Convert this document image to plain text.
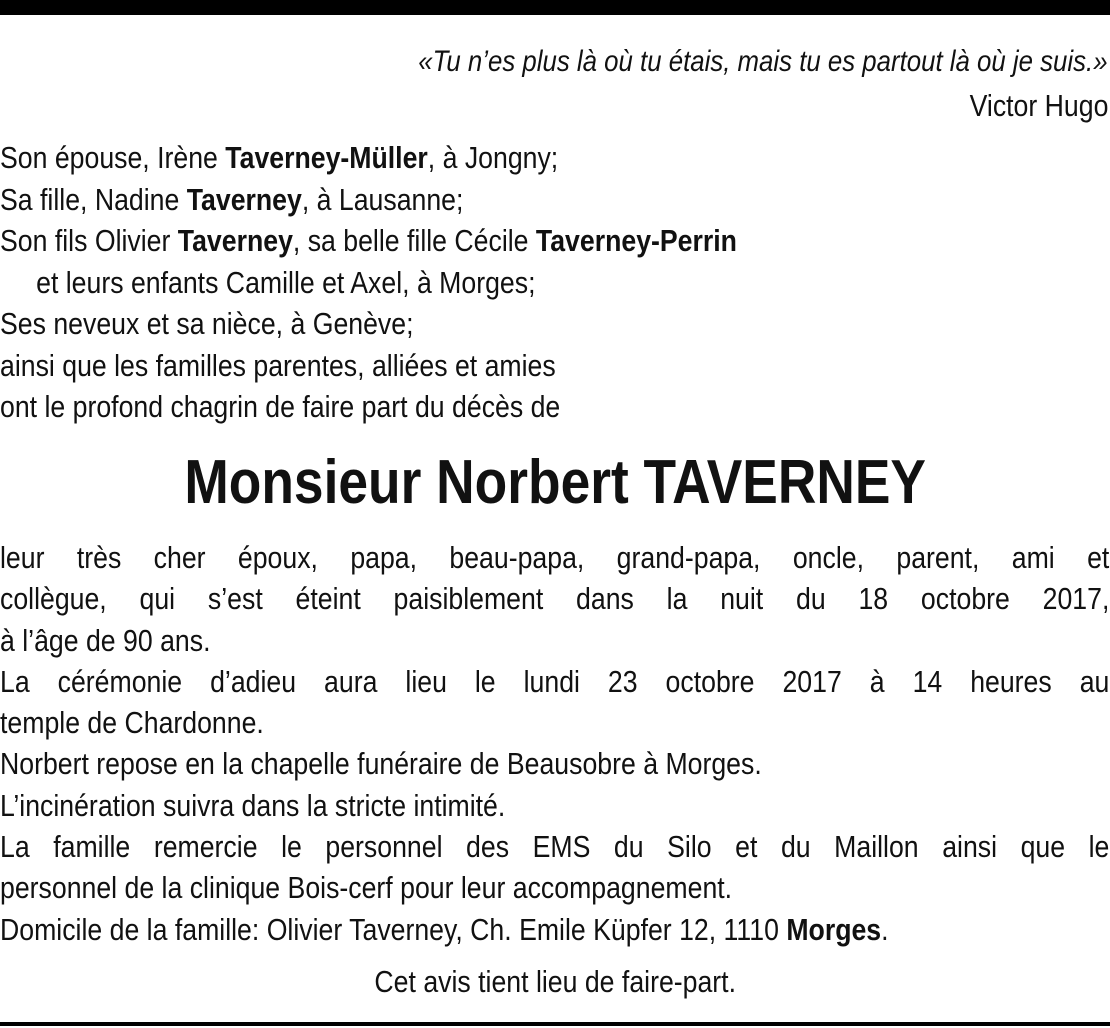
«Tu n’es plus là où tu étais, mais tu es partout là où je suis.»
Victor Hugo
Son épouse, Irène Taverney-Müller, à Jongny;
Sa fille, Nadine Taverney, à Lausanne;
Son fils Olivier Taverney, sa belle fille Cécile Taverney-Perrin
et leurs enfants Camille et Axel, à Morges;
Ses neveux et sa nièce, à Genève;
ainsi que les familles parentes, alliées et amies
ont le profond chagrin de faire part du décès de
Monsieur Norbert TAVERNEY
leur très cher époux, papa, beau-papa, grand-papa, oncle, parent, ami et
collègue, qui s’est éteint paisiblement dans la nuit du 18 octobre 2017,
à l’âge de 90 ans.
La cérémonie d’adieu aura lieu le lundi 23 octobre 2017 à 14 heures au
temple de Chardonne.
Norbert repose en la chapelle funéraire de Beausobre à Morges.
L’incinération suivra dans la stricte intimité.
La famille remercie le personnel des EMS du Silo et du Maillon ainsi que le
personnel de la clinique Bois-cerf pour leur accompagnement.
Domicile de la famille: Olivier Taverney, Ch. Emile Küpfer 12, 1110 Morges.
Cet avis tient lieu de faire-part.
